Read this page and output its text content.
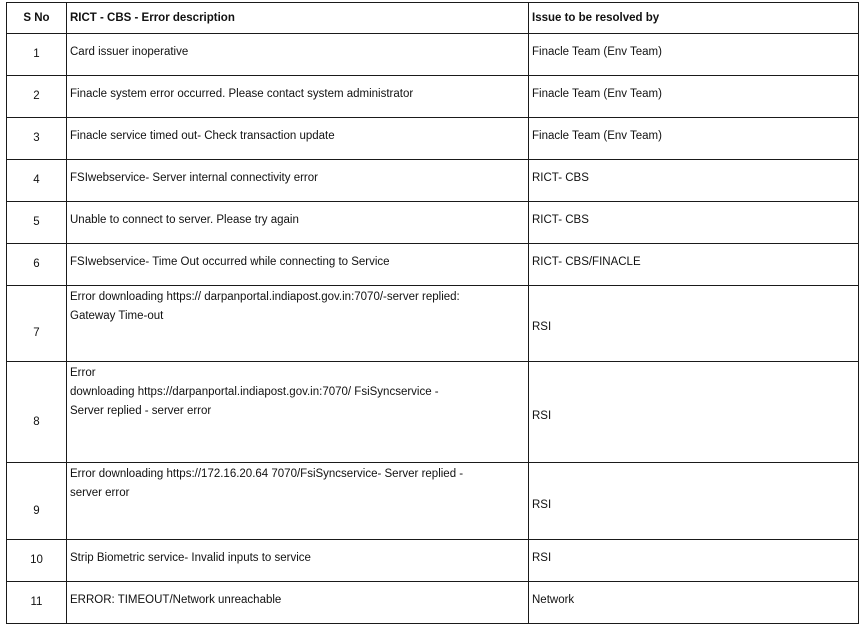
S No	RICT - CBS - Error description	Issue to be resolved by
1	Card issuer inoperative	Finacle Team (Env Team)
2	Finacle system error occurred. Please contact system administrator	Finacle Team (Env Team)
3	Finacle service timed out- Check transaction update	Finacle Team (Env Team)
4	FSIwebservice- Server internal connectivity error	RICT- CBS
5	Unable to connect to server. Please try again	RICT- CBS
6	FSIwebservice- Time Out occurred while connecting to Service	RICT- CBS/FINACLE
7	Error downloading https:// darpanportal.indiapost.gov.in:7070/-server replied:
Gateway Time-out	RSI
8	Error
downloading https://darpanportal.indiapost.gov.in:7070/ FsiSyncservice -
Server replied - server error	RSI
9	Error downloading https://172.16.20.64 7070/FsiSyncservice- Server replied -
server error	RSI
10	Strip Biometric service- Invalid inputs to service	RSI
11	ERROR: TIMEOUT/Network unreachable	Network
